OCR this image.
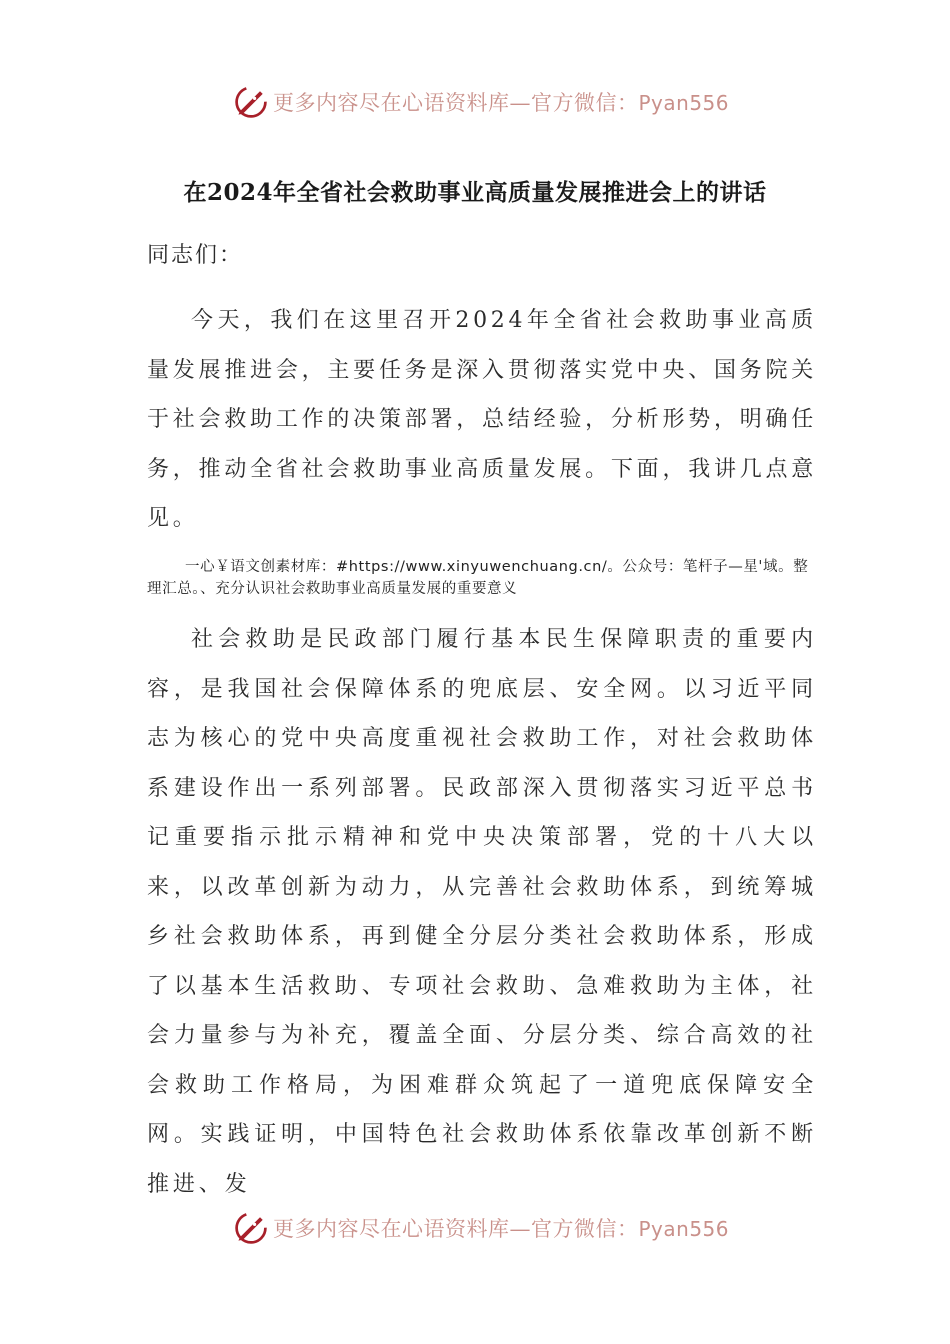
更多内容尽在心语资料库—官方微信：Pyan556
在2024年全省社会救助事业高质量发展推进会上的讲话
同志们：

今天，我们在这里召开2024年全省社会救助事业高质量发展推进会，主要任务是深入贯彻落实党中央、国务院关于社会救助工作的决策部署，总结经验，分析形势，明确任务，推动全省社会救助事业高质量发展。下面，我讲几点意见。

一心￥语文创素材库：#https://www.xinyuwenchuang.cn/。公众号：笔杆子—星'域。整理汇总。、充分认识社会救助事业高质量发展的重要意义

社会救助是民政部门履行基本民生保障职责的重要内容，是我国社会保障体系的兜底层、安全网。以习近平同志为核心的党中央高度重视社会救助工作，对社会救助体系建设作出一系列部署。民政部深入贯彻落实习近平总书记重要指示批示精神和党中央决策部署，党的十八大以来，以改革创新为动力，从完善社会救助体系，到统筹城乡社会救助体系，再到健全分层分类社会救助体系，形成了以基本生活救助、专项社会救助、急难救助为主体，社会力量参与为补充，覆盖全面、分层分类、综合高效的社会救助工作格局，为困难群众筑起了一道兜底保障安全网。实践证明，中国特色社会救助体系依靠改革创新不断推进、发

更多内容尽在心语资料库—官方微信：Pyan556
